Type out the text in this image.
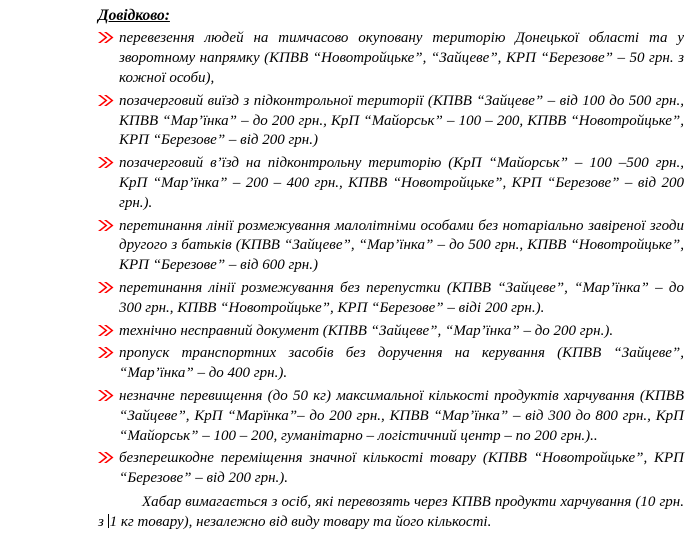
Довідково:
перевезення людей на тимчасово окуповану територію Донецької області та у зворотному напрямку (КПВВ “Новотройцьке”, “Зайцеве”, КРП “Березове” – 50 грн. з кожної особи),
позачерговий виїзд з підконтрольної території (КПВВ “Зайцеве” – від 100 до 500 грн., КПВВ “Мар’їнка” – до 200 грн., КрП “Майорськ” – 100 – 200, КПВВ “Новотройцьке”, КРП “Березове” – від 200 грн.)
позачерговий в’їзд на підконтрольну територію (КрП “Майорськ” – 100 –500 грн., КрП “Мар’їнка” – 200 – 400 грн., КПВВ “Новотройцьке”, КРП “Березове” – від 200 грн.).
перетинання лінії розмежування малолітніми особами без нотаріально завіреної згоди другого з батьків (КПВВ “Зайцеве”, “Мар’їнка” – до 500 грн., КПВВ “Новотройцьке”, КРП “Березове” – від 600 грн.)
перетинання лінії розмежування без перепустки (КПВВ “Зайцеве”, “Мар’їнка” – до 300 грн., КПВВ “Новотройцьке”, КРП “Березове” – віді 200 грн.).
технічно несправний документ (КПВВ “Зайцеве”, “Мар’їнка” – до 200 грн.).
пропуск транспортних засобів без доручення на керування (КПВВ “Зайцеве”, “Мар’їнка” – до 400 грн.).
незначне перевищення (до 50 кг) максимальної кількості продуктів харчування (КПВВ “Зайцеве”, КрП “Марїнка”– до 200 грн., КПВВ “Мар’їнка” – від 300 до 800 грн., КрП “Майорськ” – 100 – 200, гуманітарно – логістичний центр – по 200 грн.)..
безперешкодне переміщення значної кількості товару (КПВВ “Новотройцьке”, КРП “Березове” – від 200 грн.).

Хабар вимагається з осіб, які перевозять через КПВВ продукти харчування (10 грн. з 1 кг товару), незалежно від виду товару та його кількості.
